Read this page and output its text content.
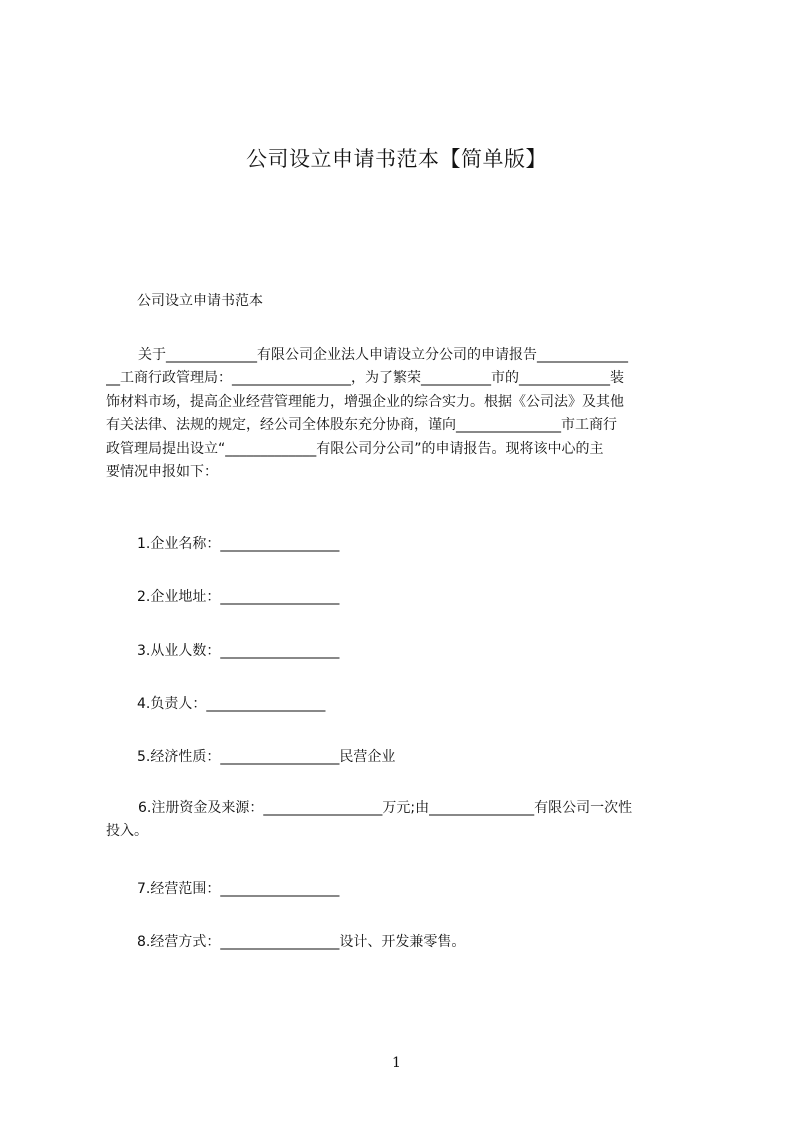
公司设立申请书范本【简单版】
公司设立申请书范本
关于_____________有限公司企业法人申请设立分公司的申请报告_____________
__工商行政管理局：_________________，为了繁荣__________市的_____________装
饰材料市场，提高企业经营管理能力，增强企业的综合实力。根据《公司法》及其他
有关法律、法规的规定，经公司全体股东充分协商，谨向_______________市工商行
政管理局提出设立“_____________有限公司分公司”的申请报告。现将该中心的主
要情况申报如下：
1.企业名称：_________________
2.企业地址：_________________
3.从业人数：_________________
4.负责人：_________________
5.经济性质：_________________民营企业
6.注册资金及来源：_________________万元;由_______________有限公司一次性
投入。
7.经营范围：_________________
8.经营方式：_________________设计、开发兼零售。
1
